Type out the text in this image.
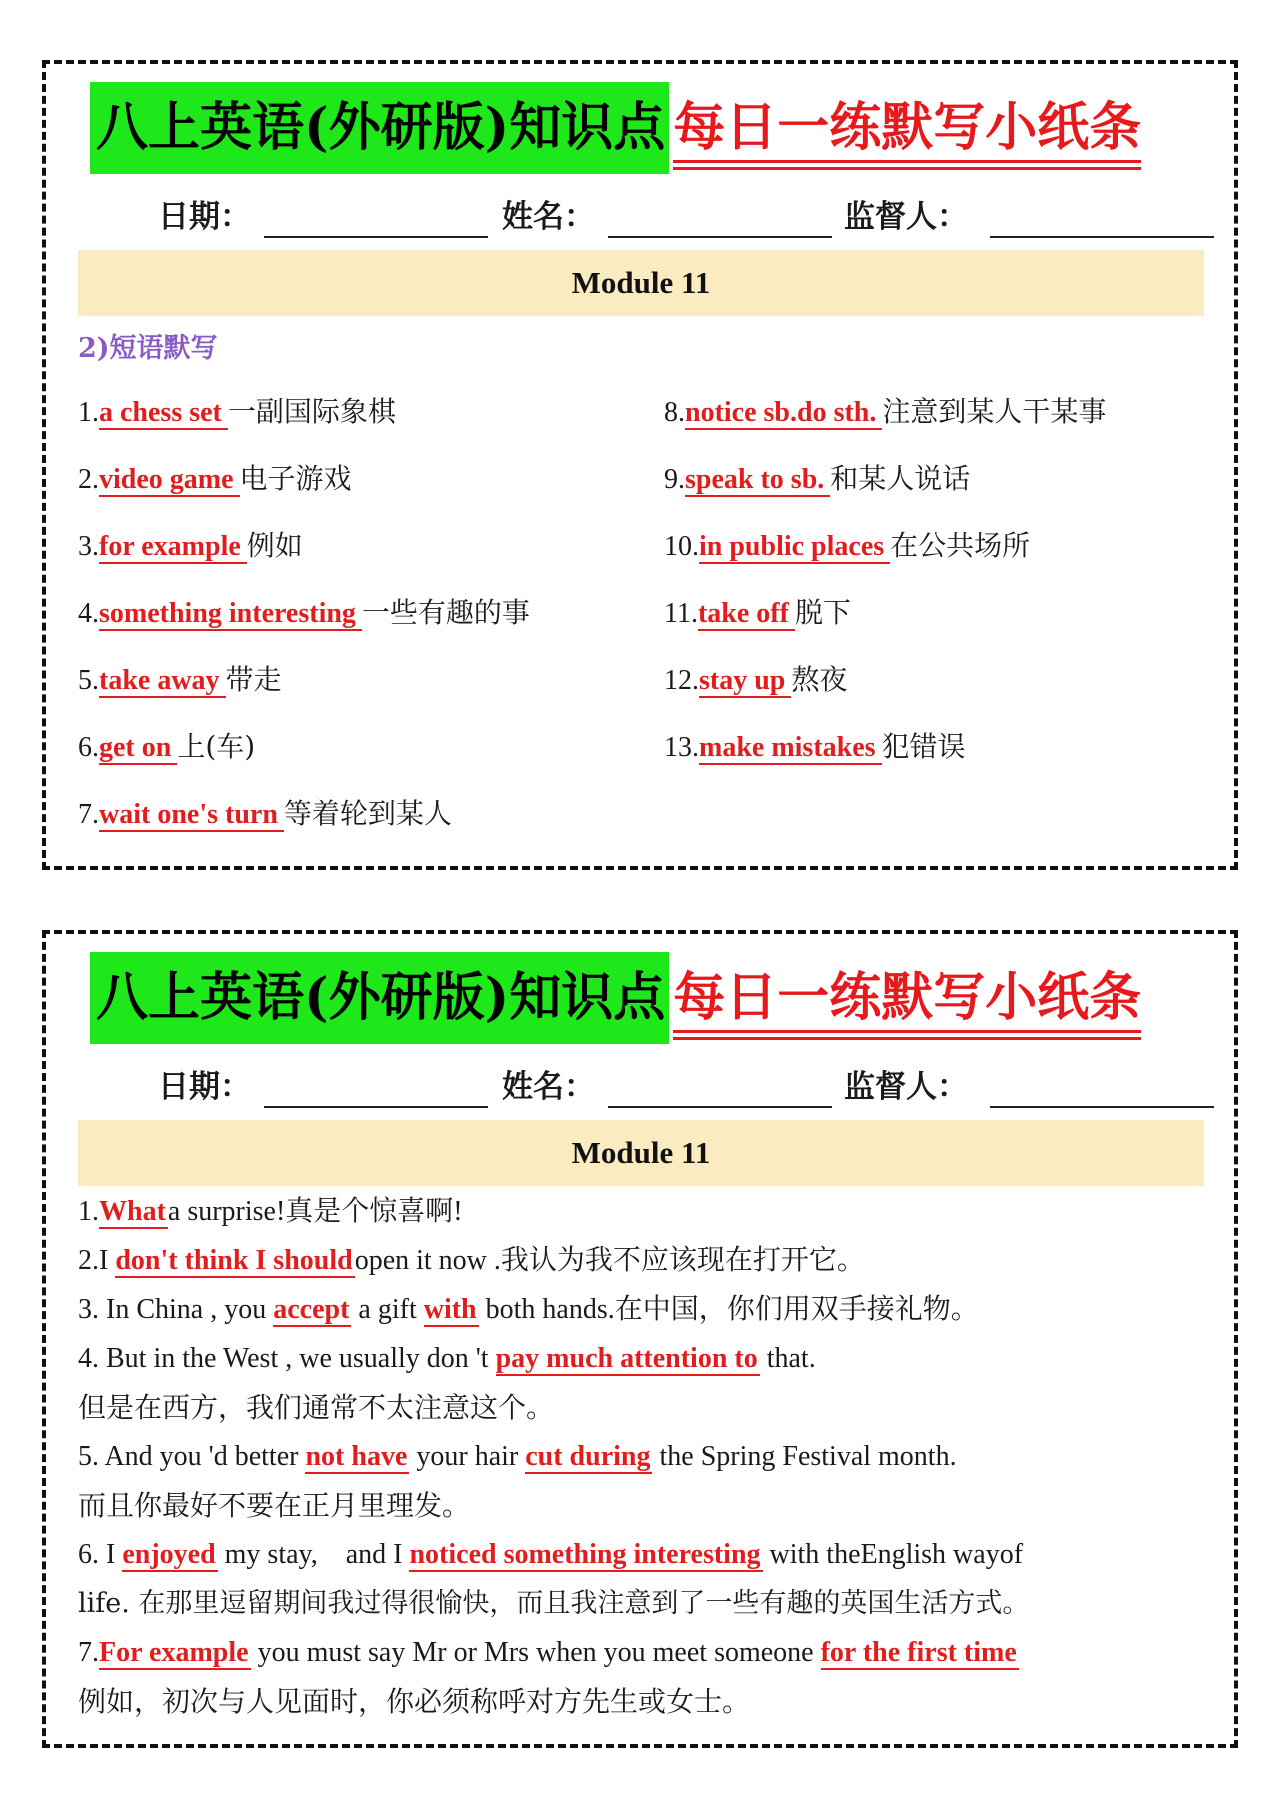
八上英语(外研版)知识点 每日一练默写小纸条
日期：	姓名：	监督人：
Module 11
2)短语默写
1.a chess set 一副国际象棋
2.video game 电子游戏
3.for example 例如
4.something interesting 一些有趣的事
5.take away 带走
6.get on 上(车)
7.wait one's turn 等着轮到某人
8.notice sb.do sth. 注意到某人干某事
9.speak to sb. 和某人说话
10.in public places 在公共场所
11.take off 脱下
12.stay up 熬夜
13.make mistakes 犯错误
八上英语(外研版)知识点 每日一练默写小纸条
日期：	姓名：	监督人：
Module 11
1.Whata surprise!真是个惊喜啊!
2.I don't think I shouldopen it now .我认为我不应该现在打开它。
3. In China , you accept a gift with both hands.在中国，你们用双手接礼物。
4. But in the West , we usually don 't pay much attention to that.
但是在西方，我们通常不太注意这个。
5. And you 'd better not have your hair cut during the Spring Festival month.
而且你最好不要在正月里理发。
6. I enjoyed my stay,    and I noticed something interesting with theEnglish wayof
life. 在那里逗留期间我过得很愉快，而且我注意到了一些有趣的英国生活方式。
7.For example you must say Mr or Mrs when you meet someone for the first time
例如，初次与人见面时，你必须称呼对方先生或女士。
